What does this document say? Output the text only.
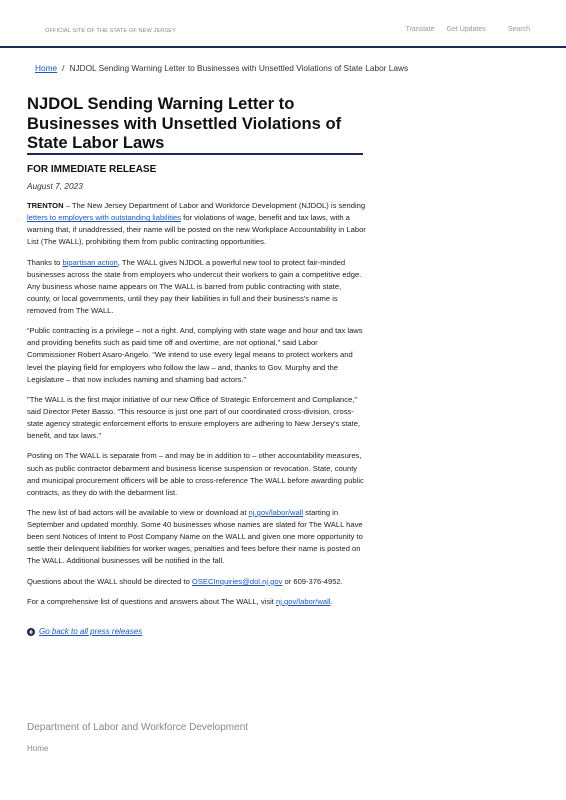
OFFICIAL SITE OF THE STATE OF NEW JERSEY	Translate Get Updates	Search
Home / NJDOL Sending Warning Letter to Businesses with Unsettled Violations of State Labor Laws
NJDOL Sending Warning Letter to Businesses with Unsettled Violations of State Labor Laws
FOR IMMEDIATE RELEASE
August 7, 2023

TRENTON – The New Jersey Department of Labor and Workforce Development (NJDOL) is sending letters to employers with outstanding liabilities for violations of wage, benefit and tax laws, with a warning that, if unaddressed, their name will be posted on the new Workplace Accountability in Labor List (The WALL), prohibiting them from public contracting opportunities.

Thanks to bipartisan action, The WALL gives NJDOL a powerful new tool to protect fair-minded businesses across the state from employers who undercut their workers to gain a competitive edge. Any business whose name appears on The WALL is barred from public contracting with state, county, or local governments, until they pay their liabilities in full and their business's name is removed from The WALL.

“Public contracting is a privilege – not a right. And, complying with state wage and hour and tax laws and providing benefits such as paid time off and overtime, are not optional,” said Labor Commissioner Robert Asaro-Angelo. “We intend to use every legal means to protect workers and level the playing field for employers who follow the law – and, thanks to Gov. Murphy and the Legislature – that now includes naming and shaming bad actors.”

"The WALL is the first major initiative of our new Office of Strategic Enforcement and Compliance," said Director Peter Basso. "This resource is just one part of our coordinated cross-division, cross-state agency strategic enforcement efforts to ensure employers are adhering to New Jersey's state, benefit, and tax laws."

Posting on The WALL is separate from – and may be in addition to – other accountability measures, such as public contractor debarment and business license suspension or revocation. State, county and municipal procurement officers will be able to cross-reference The WALL before awarding public contracts, as they do with the debarment list.

The new list of bad actors will be available to view or download at nj.gov/labor/wall starting in September and updated monthly. Some 40 businesses whose names are slated for The WALL have been sent Notices of Intent to Post Company Name on the WALL and given one more opportunity to settle their delinquent liabilities for worker wages, penalties and fees before their name is posted on The WALL. Additional businesses will be notified in the fall.

Questions about the WALL should be directed to OSECInquiries@dol.nj.gov or 609-376-4952.

For a comprehensive list of questions and answers about The WALL, visit nj.gov/labor/wall.

Go back to all press releases
Department of Labor and Workforce Development
Home
